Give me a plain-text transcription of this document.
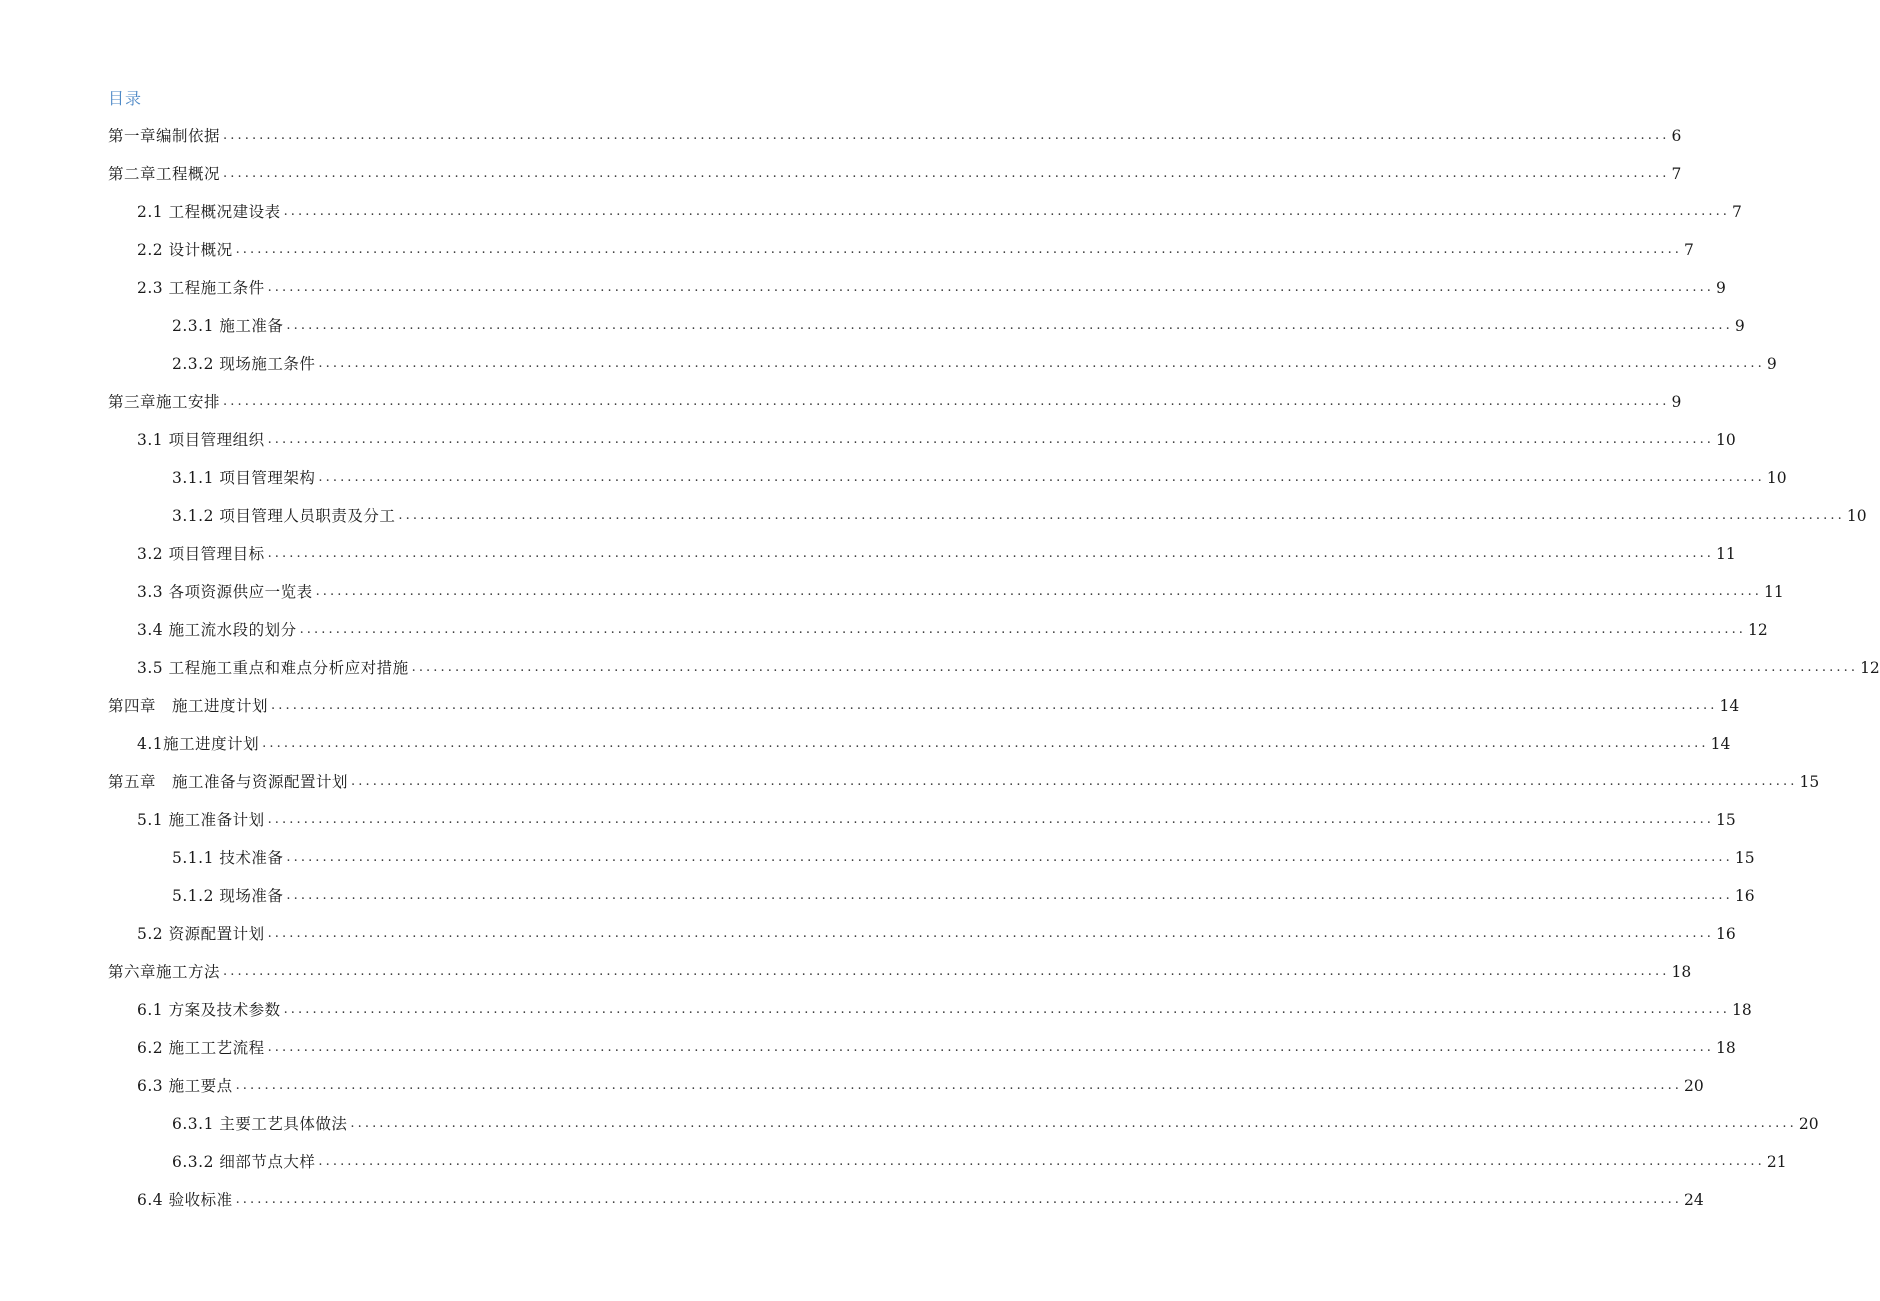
目录
第一章编制依据 ........................................................................................................................................................................................................ 6
第二章工程概况 ........................................................................................................................................................................................................ 7
2.1 工程概况建设表 ........................................................................................................................................................................................................ 7
2.2 设计概况 ........................................................................................................................................................................................................ 7
2.3 工程施工条件 ........................................................................................................................................................................................................ 9
2.3.1 施工准备 ........................................................................................................................................................................................................ 9
2.3.2 现场施工条件 ........................................................................................................................................................................................................ 9
第三章施工安排 ........................................................................................................................................................................................................ 9
3.1 项目管理组织 ........................................................................................................................................................................................................ 10
3.1.1 项目管理架构 ........................................................................................................................................................................................................ 10
3.1.2 项目管理人员职责及分工 ........................................................................................................................................................................................................ 10
3.2 项目管理目标 ........................................................................................................................................................................................................ 11
3.3 各项资源供应一览表 ........................................................................................................................................................................................................ 11
3.4 施工流水段的划分 ........................................................................................................................................................................................................ 12
3.5 工程施工重点和难点分析应对措施 ........................................................................................................................................................................................................ 12
第四章　施工进度计划 ........................................................................................................................................................................................................ 14
4.1施工进度计划 ........................................................................................................................................................................................................ 14
第五章　施工准备与资源配置计划 ........................................................................................................................................................................................................ 15
5.1 施工准备计划 ........................................................................................................................................................................................................ 15
5.1.1 技术准备 ........................................................................................................................................................................................................ 15
5.1.2 现场准备 ........................................................................................................................................................................................................ 16
5.2 资源配置计划 ........................................................................................................................................................................................................ 16
第六章施工方法 ........................................................................................................................................................................................................ 18
6.1 方案及技术参数 ........................................................................................................................................................................................................ 18
6.2 施工工艺流程 ........................................................................................................................................................................................................ 18
6.3 施工要点 ........................................................................................................................................................................................................ 20
6.3.1 主要工艺具体做法 ........................................................................................................................................................................................................ 20
6.3.2 细部节点大样 ........................................................................................................................................................................................................ 21
6.4 验收标准 ........................................................................................................................................................................................................ 24
